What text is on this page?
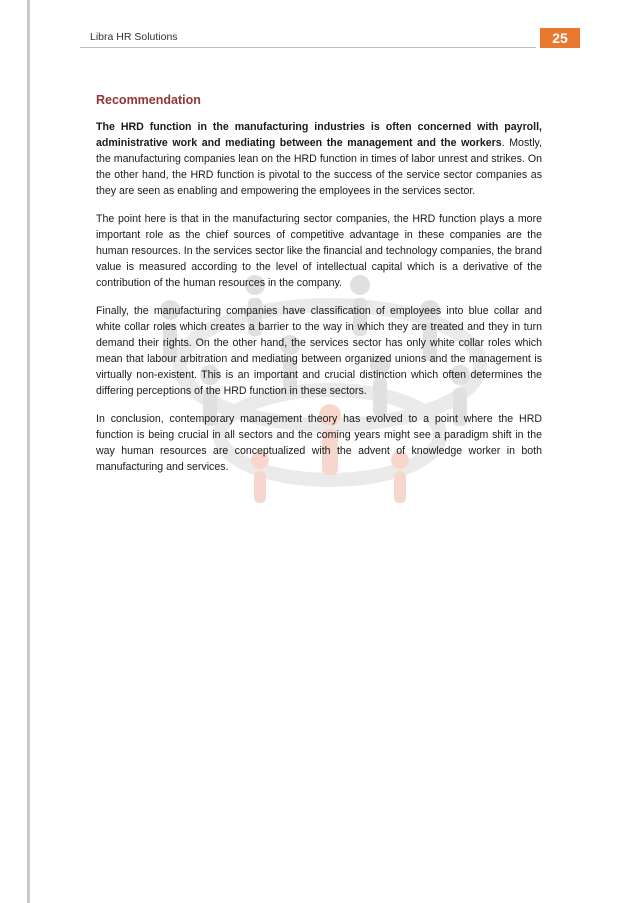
Libra HR Solutions	25
Recommendation

The HRD function in the manufacturing industries is often concerned with payroll, administrative work and mediating between the management and the workers. Mostly, the manufacturing companies lean on the HRD function in times of labor unrest and strikes. On the other hand, the HRD function is pivotal to the success of the service sector companies as they are seen as enabling and empowering the employees in the services sector.

The point here is that in the manufacturing sector companies, the HRD function plays a more important role as the chief sources of competitive advantage in these companies are the human resources. In the services sector like the financial and technology companies, the brand value is measured according to the level of intellectual capital which is a derivative of the contribution of the human resources in the company.

Finally, the manufacturing companies have classification of employees into blue collar and white collar roles which creates a barrier to the way in which they are treated and they in turn demand their rights. On the other hand, the services sector has only white collar roles which mean that labour arbitration and mediating between organized unions and the management is virtually non-existent. This is an important and crucial distinction which often determines the differing perceptions of the HRD function in these sectors.

In conclusion, contemporary management theory has evolved to a point where the HRD function is being crucial in all sectors and the coming years might see a paradigm shift in the way human resources are conceptualized with the advent of knowledge worker in both manufacturing and services.
